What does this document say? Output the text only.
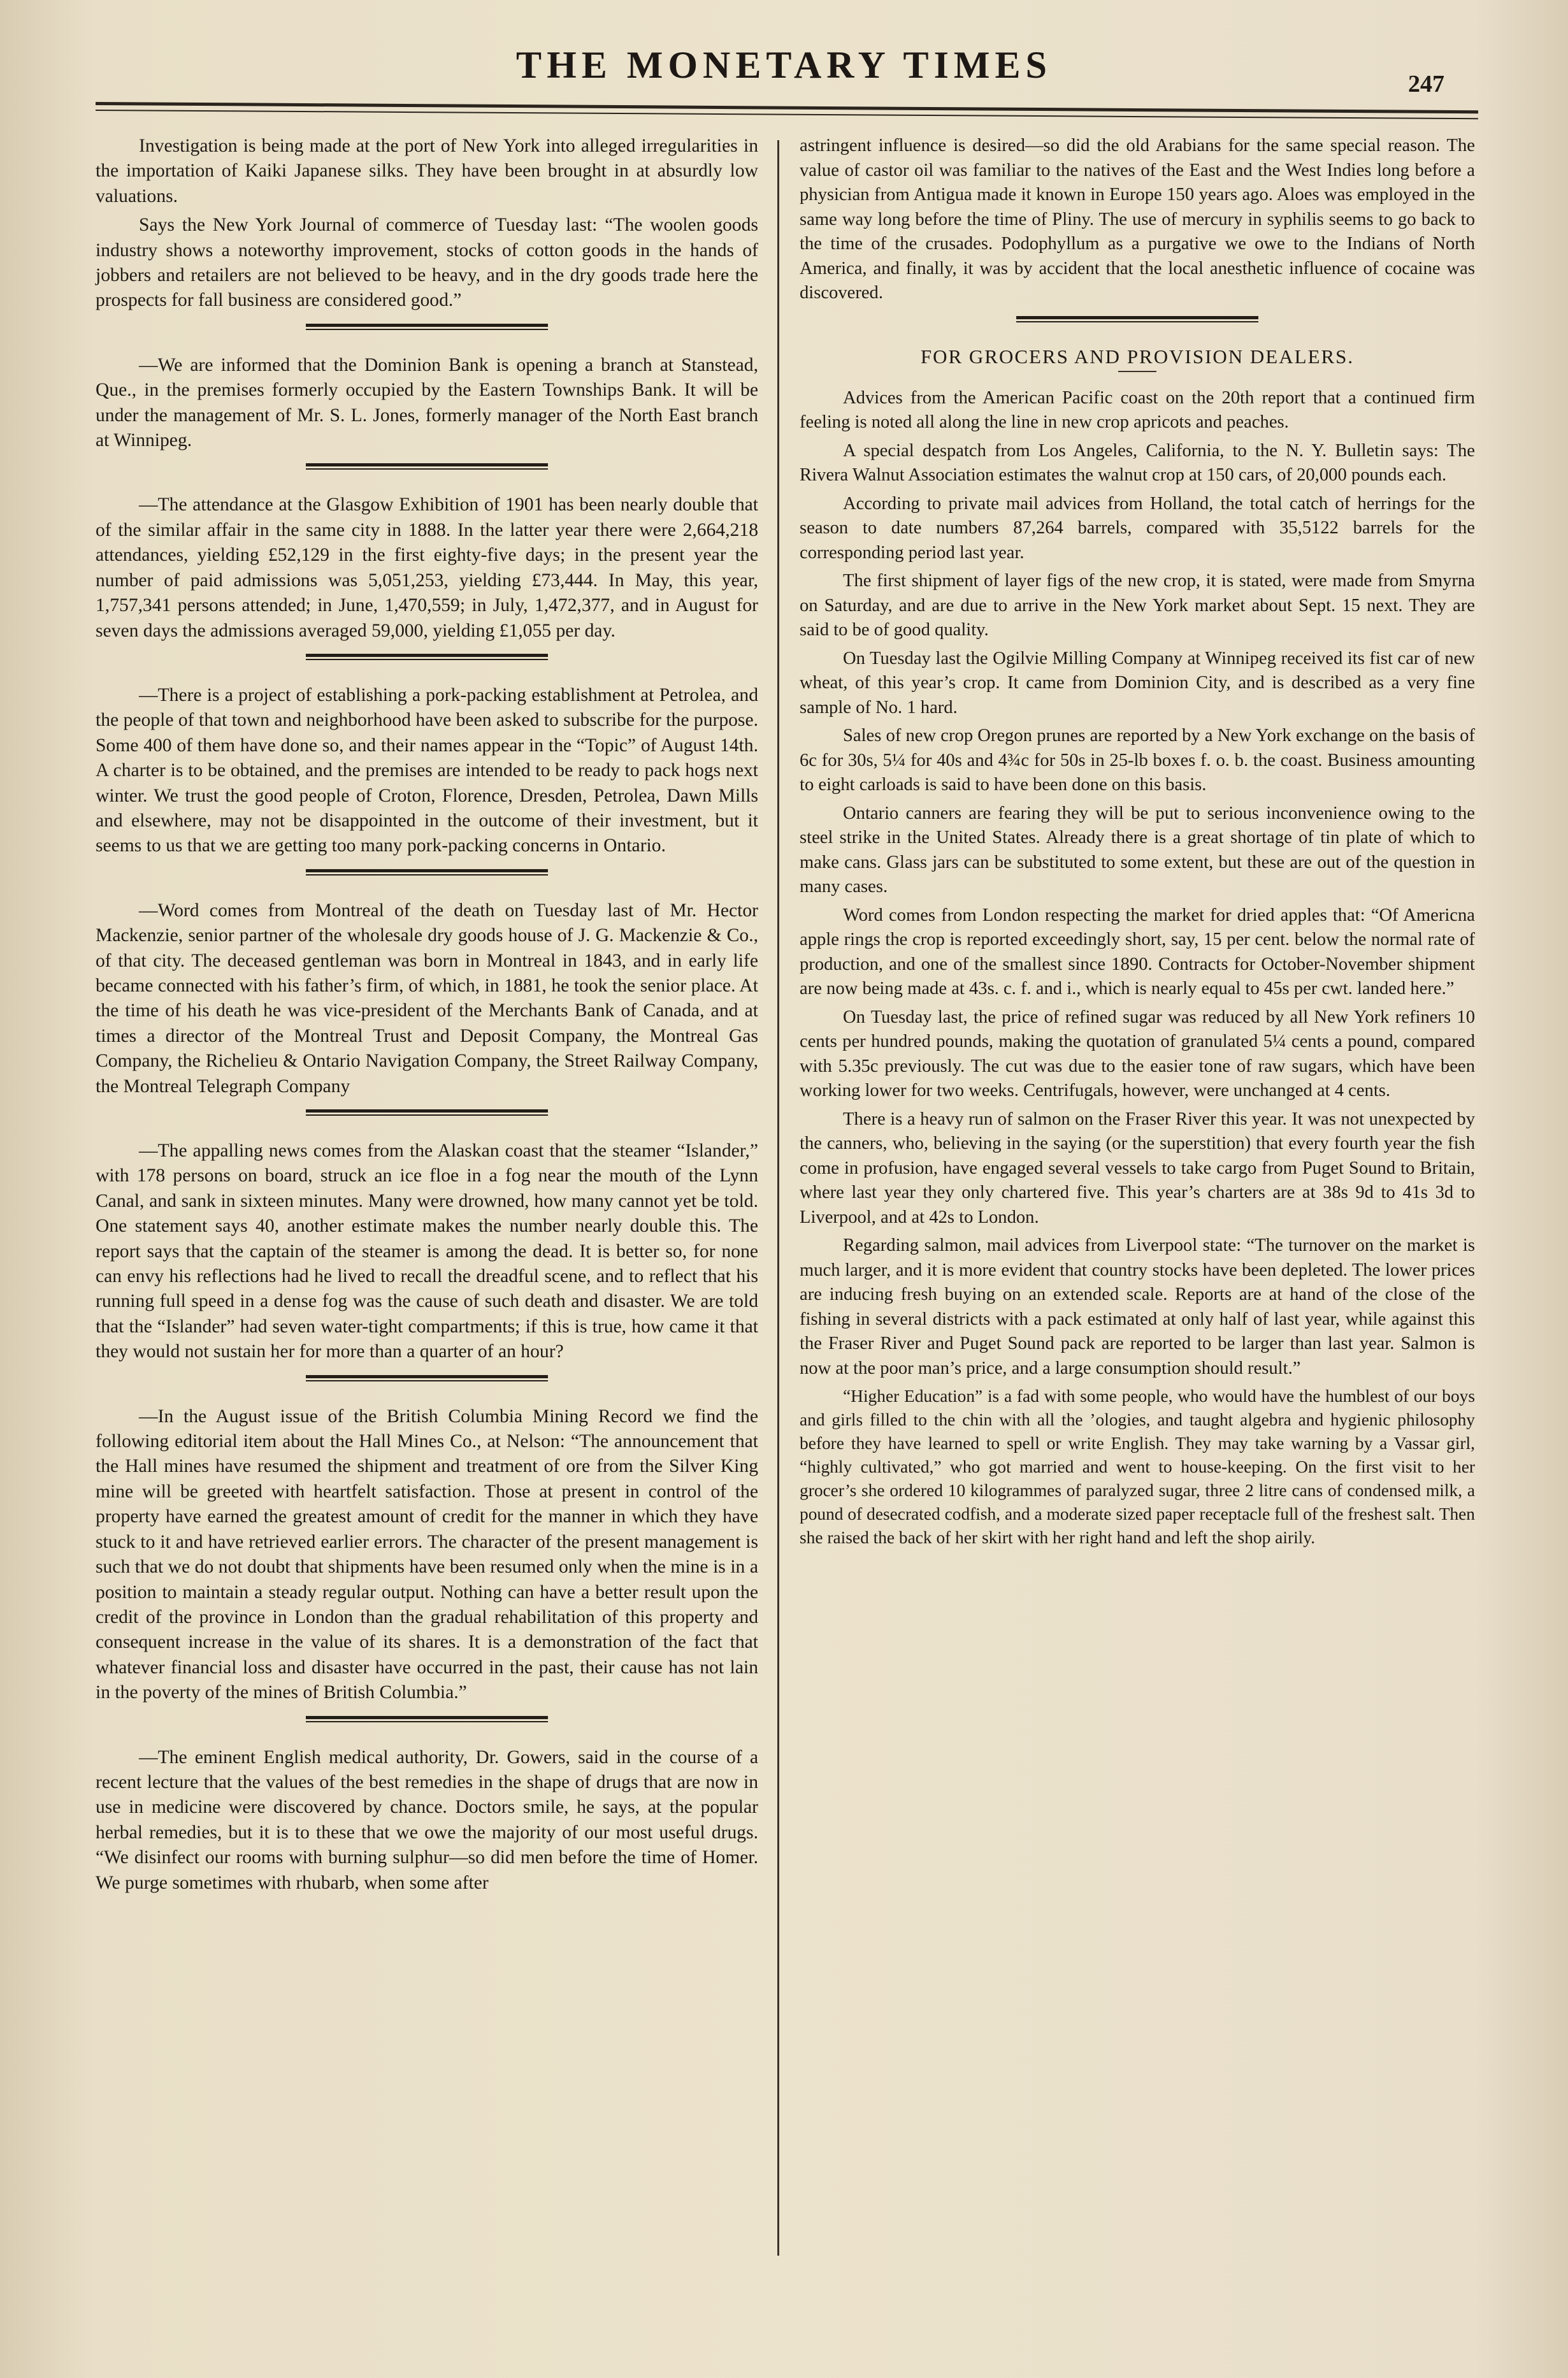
THE MONETARY TIMES	247

Investigation is being made at the port of New York into alleged irregularities in the importation of Kaiki Japanese silks. They have been brought in at absurdly low valuations.

Says the New York Journal of commerce of Tuesday last: “The woolen goods industry shows a noteworthy improvement, stocks of cotton goods in the hands of jobbers and retailers are not believed to be heavy, and in the dry goods trade here the prospects for fall business are considered good.”

—We are informed that the Dominion Bank is opening a branch at Stanstead, Que., in the premises formerly occupied by the Eastern Townships Bank. It will be under the management of Mr. S. L. Jones, formerly manager of the North East branch at Winnipeg.

—The attendance at the Glasgow Exhibition of 1901 has been nearly double that of the similar affair in the same city in 1888. In the latter year there were 2,664,218 attendances, yielding £52,129 in the first eighty-five days; in the present year the number of paid admissions was 5,051,253, yielding £73,444. In May, this year, 1,757,341 persons attended; in June, 1,470,559; in July, 1,472,377, and in August for seven days the admissions averaged 59,000, yielding £1,055 per day.

—There is a project of establishing a pork-packing establishment at Petrolea, and the people of that town and neighborhood have been asked to subscribe for the purpose. Some 400 of them have done so, and their names appear in the “Topic” of August 14th. A charter is to be obtained, and the premises are intended to be ready to pack hogs next winter. We trust the good people of Croton, Florence, Dresden, Petrolea, Dawn Mills and elsewhere, may not be disappointed in the outcome of their investment, but it seems to us that we are getting too many pork-packing concerns in Ontario.

—Word comes from Montreal of the death on Tuesday last of Mr. Hector Mackenzie, senior partner of the wholesale dry goods house of J. G. Mackenzie & Co., of that city. The deceased gentleman was born in Montreal in 1843, and in early life became connected with his father’s firm, of which, in 1881, he took the senior place. At the time of his death he was vice-president of the Merchants Bank of Canada, and at times a director of the Montreal Trust and Deposit Company, the Montreal Gas Company, the Richelieu & Ontario Navigation Company, the Street Railway Company, the Montreal Telegraph Company

—The appalling news comes from the Alaskan coast that the steamer “Islander,” with 178 persons on board, struck an ice floe in a fog near the mouth of the Lynn Canal, and sank in sixteen minutes. Many were drowned, how many cannot yet be told. One statement says 40, another estimate makes the number nearly double this. The report says that the captain of the steamer is among the dead. It is better so, for none can envy his reflections had he lived to recall the dreadful scene, and to reflect that his running full speed in a dense fog was the cause of such death and disaster. We are told that the “Islander” had seven water-tight compartments; if this is true, how came it that they would not sustain her for more than a quarter of an hour?

—In the August issue of the British Columbia Mining Record we find the following editorial item about the Hall Mines Co., at Nelson: “The announcement that the Hall mines have resumed the shipment and treatment of ore from the Silver King mine will be greeted with heartfelt satisfaction. Those at present in control of the property have earned the greatest amount of credit for the manner in which they have stuck to it and have retrieved earlier errors. The character of the present management is such that we do not doubt that shipments have been resumed only when the mine is in a position to maintain a steady regular output. Nothing can have a better result upon the credit of the province in London than the gradual rehabilitation of this property and consequent increase in the value of its shares. It is a demonstration of the fact that whatever financial loss and disaster have occurred in the past, their cause has not lain in the poverty of the mines of British Columbia.”

—The eminent English medical authority, Dr. Gowers, said in the course of a recent lecture that the values of the best remedies in the shape of drugs that are now in use in medicine were discovered by chance. Doctors smile, he says, at the popular herbal remedies, but it is to these that we owe the majority of our most useful drugs. “We disinfect our rooms with burning sulphur—so did men before the time of Homer. We purge sometimes with rhubarb, when some after

astringent influence is desired—so did the old Arabians for the same special reason. The value of castor oil was familiar to the natives of the East and the West Indies long before a physician from Antigua made it known in Europe 150 years ago. Aloes was employed in the same way long before the time of Pliny. The use of mercury in syphilis seems to go back to the time of the crusades. Podophyllum as a purgative we owe to the Indians of North America, and finally, it was by accident that the local anesthetic influence of cocaine was discovered.

FOR GROCERS AND PROVISION DEALERS.

Advices from the American Pacific coast on the 20th report that a continued firm feeling is noted all along the line in new crop apricots and peaches.

A special despatch from Los Angeles, California, to the N. Y. Bulletin says: The Rivera Walnut Association estimates the walnut crop at 150 cars, of 20,000 pounds each.

According to private mail advices from Holland, the total catch of herrings for the season to date numbers 87,264 barrels, compared with 35,5122 barrels for the corresponding period last year.

The first shipment of layer figs of the new crop, it is stated, were made from Smyrna on Saturday, and are due to arrive in the New York market about Sept. 15 next. They are said to be of good quality.

On Tuesday last the Ogilvie Milling Company at Winnipeg received its fist car of new wheat, of this year’s crop. It came from Dominion City, and is described as a very fine sample of No. 1 hard.

Sales of new crop Oregon prunes are reported by a New York exchange on the basis of 6c for 30s, 5¼ for 40s and 4¾c for 50s in 25-lb boxes f. o. b. the coast. Business amounting to eight carloads is said to have been done on this basis.

Ontario canners are fearing they will be put to serious inconvenience owing to the steel strike in the United States. Already there is a great shortage of tin plate of which to make cans. Glass jars can be substituted to some extent, but these are out of the question in many cases.

Word comes from London respecting the market for dried apples that: “Of Americna apple rings the crop is reported exceedingly short, say, 15 per cent. below the normal rate of production, and one of the smallest since 1890. Contracts for October-November shipment are now being made at 43s. c. f. and i., which is nearly equal to 45s per cwt. landed here.”

On Tuesday last, the price of refined sugar was reduced by all New York refiners 10 cents per hundred pounds, making the quotation of granulated 5¼ cents a pound, compared with 5.35c previously. The cut was due to the easier tone of raw sugars, which have been working lower for two weeks. Centrifugals, however, were unchanged at 4 cents.

There is a heavy run of salmon on the Fraser River this year. It was not unexpected by the canners, who, believing in the saying (or the superstition) that every fourth year the fish come in profusion, have engaged several vessels to take cargo from Puget Sound to Britain, where last year they only chartered five. This year’s charters are at 38s 9d to 41s 3d to Liverpool, and at 42s to London.

Regarding salmon, mail advices from Liverpool state: “The turnover on the market is much larger, and it is more evident that country stocks have been depleted. The lower prices are inducing fresh buying on an extended scale. Reports are at hand of the close of the fishing in several districts with a pack estimated at only half of last year, while against this the Fraser River and Puget Sound pack are reported to be larger than last year. Salmon is now at the poor man’s price, and a large consumption should result.”

“Higher Education” is a fad with some people, who would have the humblest of our boys and girls filled to the chin with all the ’ologies, and taught algebra and hygienic philosophy before they have learned to spell or write English. They may take warning by a Vassar girl, “highly cultivated,” who got married and went to house-keeping. On the first visit to her grocer’s she ordered 10 kilogrammes of paralyzed sugar, three 2 litre cans of condensed milk, a pound of desecrated codfish, and a moderate sized paper receptacle full of the freshest salt. Then she raised the back of her skirt with her right hand and left the shop airily.
